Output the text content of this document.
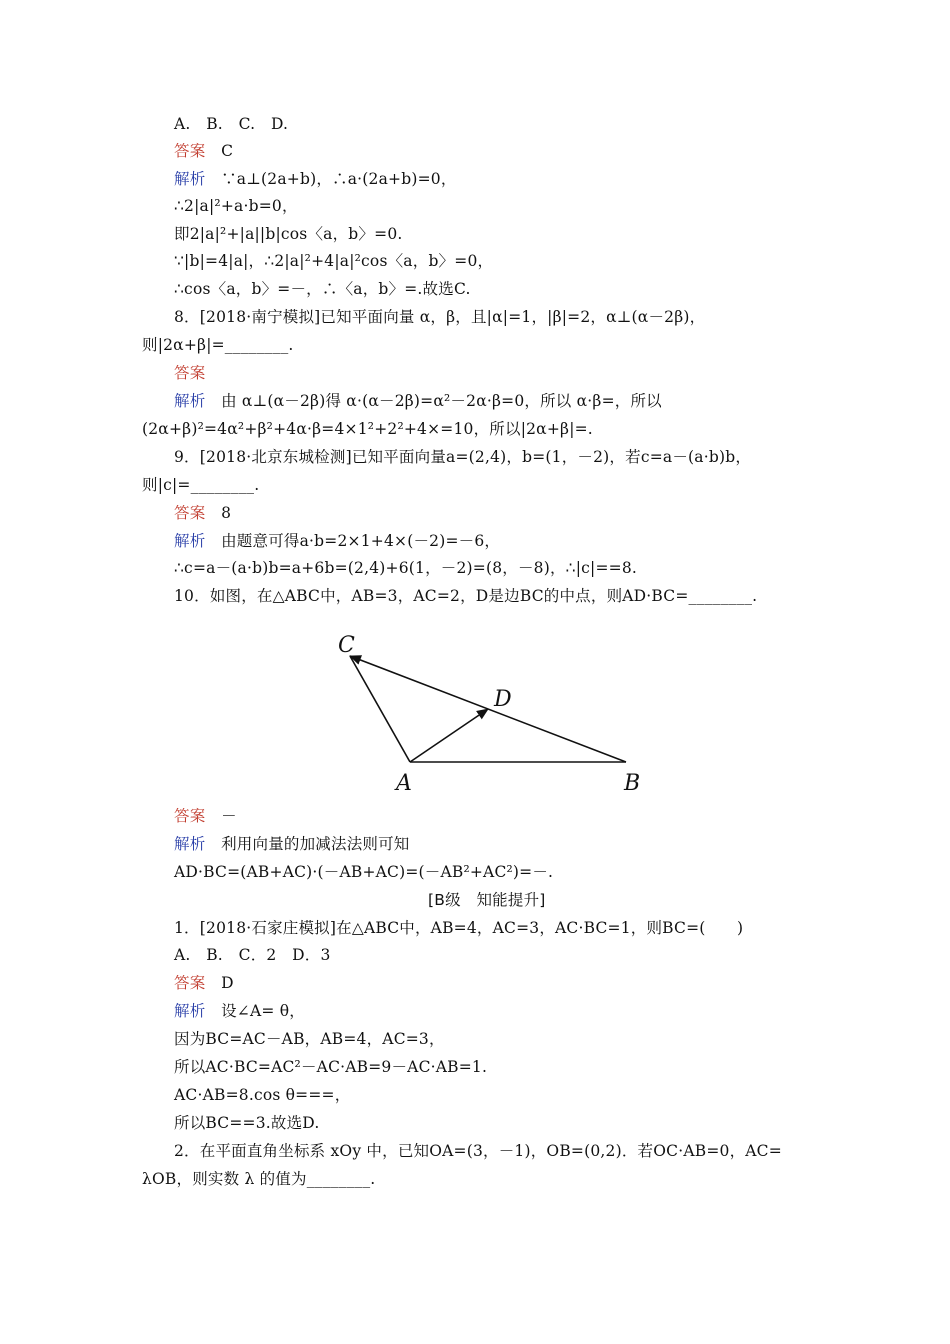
A.　B.　C.　D.
答案　C
解析　∵a⊥(2a+b)，∴a·(2a+b)=0，
∴2|a|²+a·b=0，
即2|a|²+|a||b|cos〈a，b〉=0.
∵|b|=4|a|，∴2|a|²+4|a|²cos〈a，b〉=0，
∴cos〈a，b〉=－，∴〈a，b〉=.故选C.
8．[2018·南宁模拟]已知平面向量 α，β，且|α|=1，|β|=2，α⊥(α－2β)，
则|2α+β|=________.
答案
解析　由 α⊥(α－2β)得 α·(α－2β)=α²－2α·β=0，所以 α·β=，所以
(2α+β)²=4α²+β²+4α·β=4×1²+2²+4×=10，所以|2α+β|=.
9．[2018·北京东城检测]已知平面向量a=(2,4)，b=(1，－2)，若c=a－(a·b)b，
则|c|=________.
答案　8
解析　由题意可得a·b=2×1+4×(－2)=－6，
∴c=a－(a·b)b=a+6b=(2,4)+6(1，－2)=(8，－8)，∴|c|==8.
10．如图，在△ABC中，AB=3，AC=2，D是边BC的中点，则AD·BC=________.
答案　－
解析　利用向量的加减法法则可知
AD·BC=(AB+AC)·(－AB+AC)=(－AB²+AC²)=－.
[B级　知能提升]
1．[2018·石家庄模拟]在△ABC中，AB=4，AC=3，AC·BC=1，则BC=(　　)
A.　B.　C．2　D．3
答案　D
解析　设∠A= θ，
因为BC=AC－AB，AB=4，AC=3，
所以AC·BC=AC²－AC·AB=9－AC·AB=1.
AC·AB=8.cos θ===，
所以BC==3.故选D.
2．在平面直角坐标系 xOy 中，已知OA=(3，－1)，OB=(0,2)．若OC·AB=0，AC=
λOB，则实数 λ 的值为________.
C
D
A	B
